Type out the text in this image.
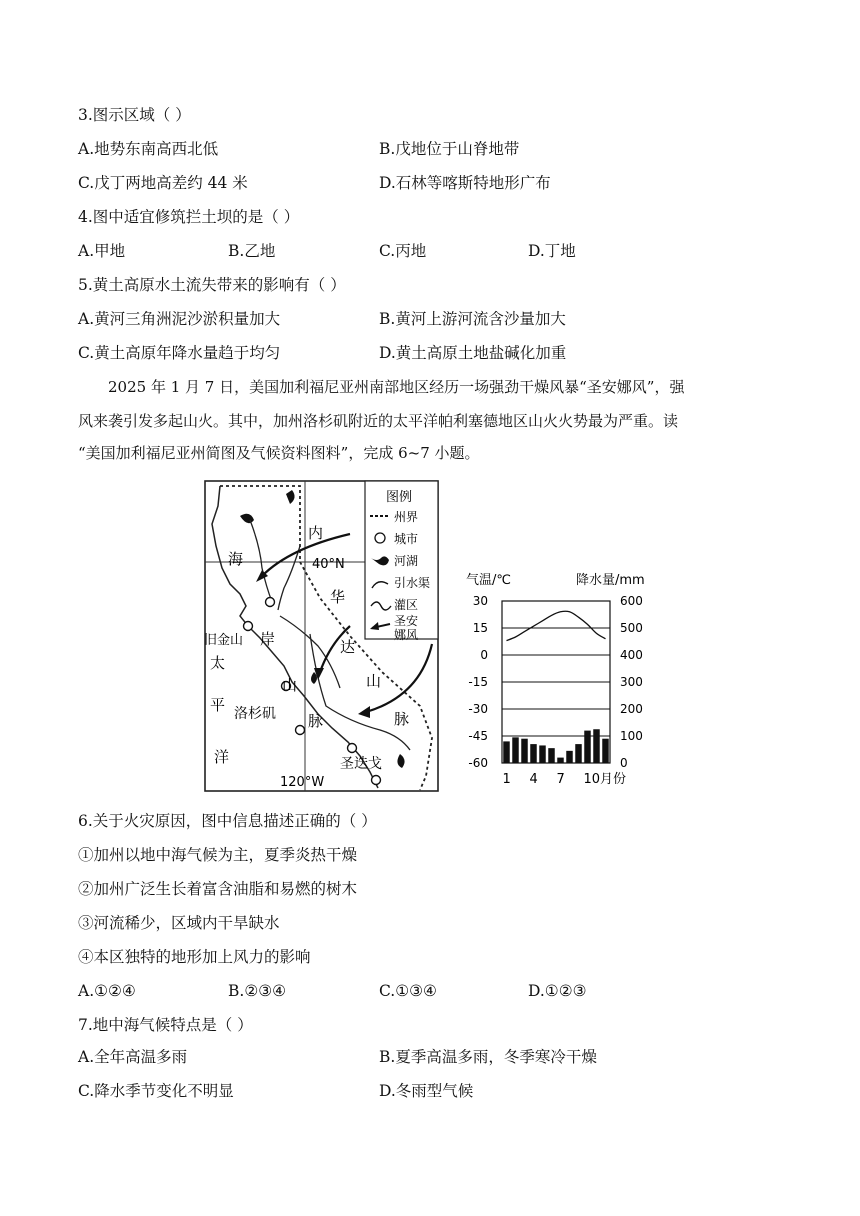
3.图示区域（ ）
A.地势东南高西北低	B.戊地位于山脊地带
C.戊丁两地高差约 44 米	D.石林等喀斯特地形广布
4.图中适宜修筑拦土坝的是（ ）
A.甲地	B.乙地	C.丙地	D.丁地
5.黄土高原水土流失带来的影响有（ ）
A.黄河三角洲泥沙淤积量加大	B.黄河上游河流含沙量加大
C.黄土高原年降水量趋于均匀	D.黄土高原土地盐碱化加重
2025 年 1 月 7 日，美国加利福尼亚州南部地区经历一场强劲干燥风暴“圣安娜风”，强
风来袭引发多起山火。其中，加州洛杉矶附近的太平洋帕利塞德地区山火火势最为严重。读
“美国加利福尼亚州简图及气候资料图料”，完成 6~7 小题。
内
40°N
华
达
山
脉
海
岸
山
脉
旧金山
太
平
洋
洛杉矶
圣迭戈
120°W
图例
州界
城市
河湖
引水渠
灌区
圣安
娜风
气温/℃	降水量/mm
30
15
0
-15
-30
-45
-60
600
500
400
300
200
100
0
1 4 7 10月份
6.关于火灾原因，图中信息描述正确的（ ）
①加州以地中海气候为主，夏季炎热干燥
②加州广泛生长着富含油脂和易燃的树木
③河流稀少，区域内干旱缺水
④本区独特的地形加上风力的影响
A.①②④	B.②③④	C.①③④	D.①②③
7.地中海气候特点是（ ）
A.全年高温多雨	B.夏季高温多雨，冬季寒冷干燥
C.降水季节变化不明显	D.冬雨型气候
